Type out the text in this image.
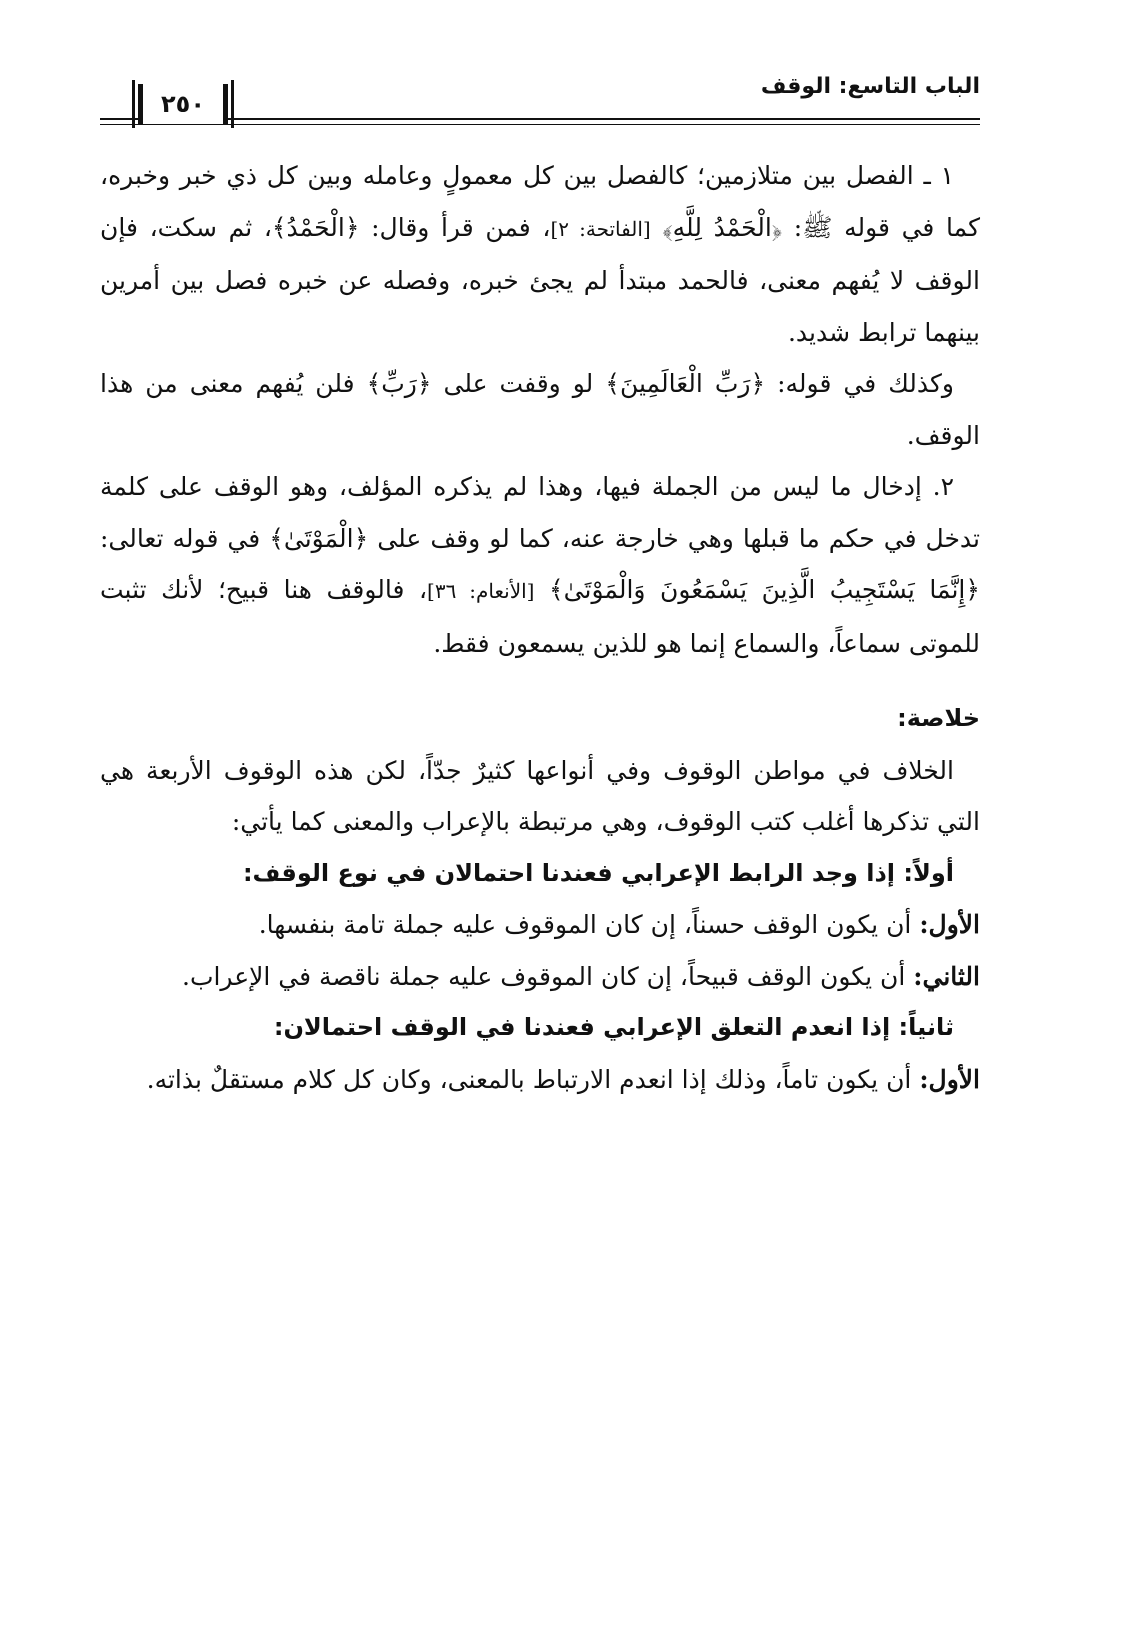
الباب التاسع: الوقف
٢٥٠

١ ـ الفصل بين متلازمين؛ كالفصل بين كل معمولٍ وعامله وبين كل ذي خبر وخبره، كما في قوله ﷺ: ﴿الْحَمْدُ لِلَّهِ﴾ [الفاتحة: ٢]، فمن قرأ وقال: ﴿الْحَمْدُ﴾، ثم سكت، فإن الوقف لا يُفهم معنى، فالحمد مبتدأ لم يجئ خبره، وفصله عن خبره فصل بين أمرين بينهما ترابط شديد.

وكذلك في قوله: ﴿رَبِّ الْعَالَمِينَ﴾ لو وقفت على ﴿رَبِّ﴾ فلن يُفهم معنى من هذا الوقف.

٢. إدخال ما ليس من الجملة فيها، وهذا لم يذكره المؤلف، وهو الوقف على كلمة تدخل في حكم ما قبلها وهي خارجة عنه، كما لو وقف على ﴿الْمَوْتَىٰ﴾ في قوله تعالى: ﴿إِنَّمَا يَسْتَجِيبُ الَّذِينَ يَسْمَعُونَ وَالْمَوْتَىٰ﴾ [الأنعام: ٣٦]، فالوقف هنا قبيح؛ لأنك تثبت للموتى سماعاً، والسماع إنما هو للذين يسمعون فقط.

خلاصة:

الخلاف في مواطن الوقوف وفي أنواعها كثيرٌ جدّاً، لكن هذه الوقوف الأربعة هي التي تذكرها أغلب كتب الوقوف، وهي مرتبطة بالإعراب والمعنى كما يأتي:

أولاً: إذا وجد الرابط الإعرابي فعندنا احتمالان في نوع الوقف:

الأول: أن يكون الوقف حسناً، إن كان الموقوف عليه جملة تامة بنفسها.

الثاني: أن يكون الوقف قبيحاً، إن كان الموقوف عليه جملة ناقصة في الإعراب.

ثانياً: إذا انعدم التعلق الإعرابي فعندنا في الوقف احتمالان:

الأول: أن يكون تاماً، وذلك إذا انعدم الارتباط بالمعنى، وكان كل كلام مستقلٌ بذاته.
